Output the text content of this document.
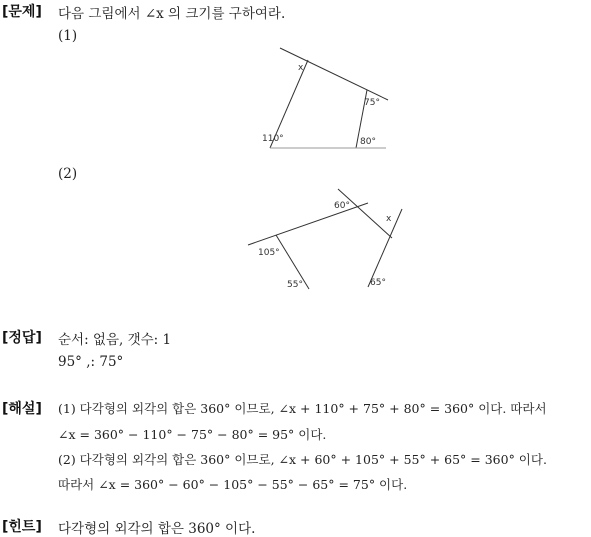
[문제] 다음 그림에서 ∠x 의 크기를 구하여라.
(1)
x
75°
110°	80°
(2)
60°
x
105°
55°	65°
[정답] 순서: 없음, 갯수: 1
95° ,: 75°
[해설] (1) 다각형의 외각의 합은 360° 이므로, ∠x + 110° + 75° + 80° = 360° 이다. 따라서
∠x = 360° − 110° − 75° − 80° = 95° 이다.
(2) 다각형의 외각의 합은 360° 이므로, ∠x + 60° + 105° + 55° + 65° = 360° 이다.
따라서 ∠x = 360° − 60° − 105° − 55° − 65° = 75° 이다.
[힌트] 다각형의 외각의 합은 360° 이다.
